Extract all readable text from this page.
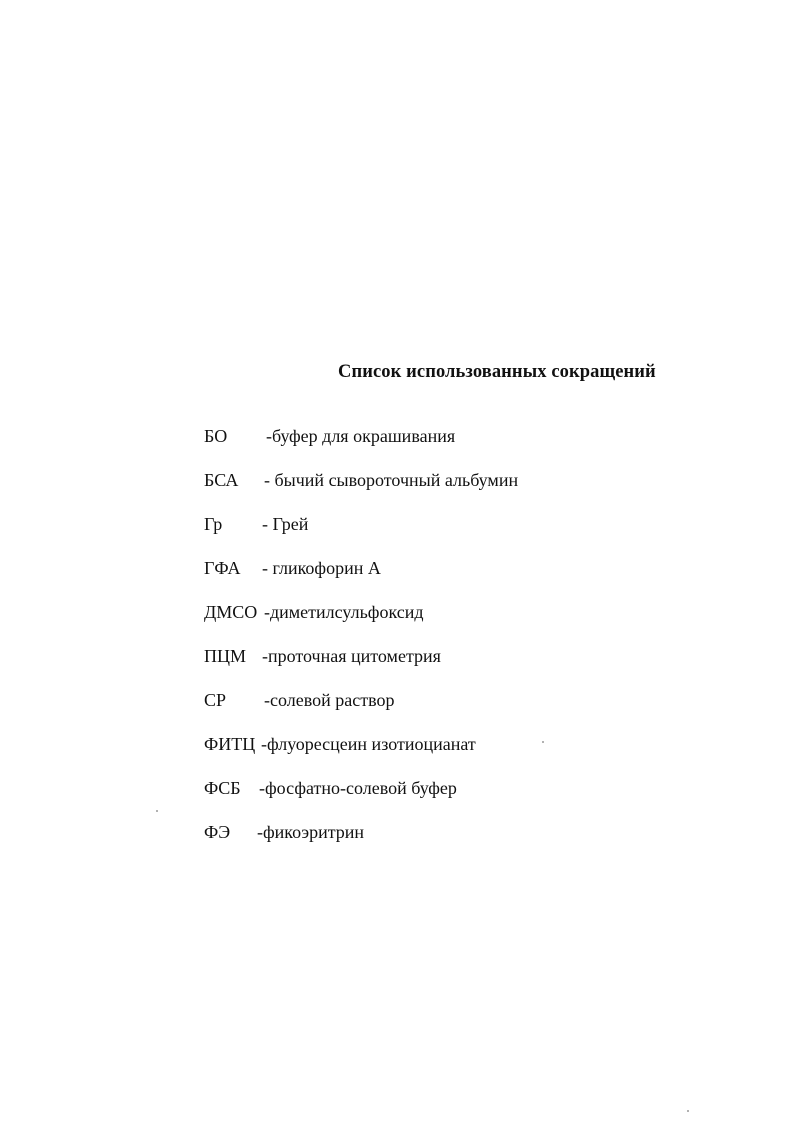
Список использованных сокращений
БО -буфер для окрашивания
БСА - бычий сывороточный альбумин
Гр - Грей
ГФА - гликофорин А
ДМСО -диметилсульфоксид
ПЦМ -проточная цитометрия
СР -солевой раствор
ФИТЦ -флуоресцеин изотиоцианат
ФСБ -фосфатно-солевой буфер
ФЭ -фикоэритрин
